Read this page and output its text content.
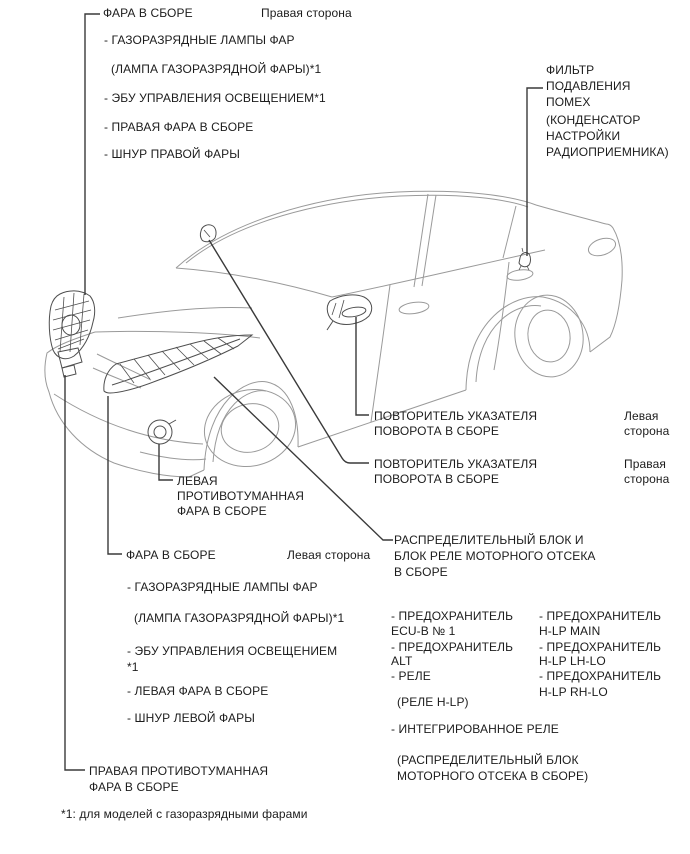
ФАРА В СБОРЕ	Правая сторона
- ГАЗОРАЗРЯДНЫЕ ЛАМПЫ ФАР
(ЛАМПА ГАЗОРАЗРЯДНОЙ ФАРЫ)*1
- ЭБУ УПРАВЛЕНИЯ ОСВЕЩЕНИЕМ*1
- ПРАВАЯ ФАРА В СБОРЕ
- ШНУР ПРАВОЙ ФАРЫ
ФИЛЬТР
ПОДАВЛЕНИЯ
ПОМЕХ
(КОНДЕНСАТОР
НАСТРОЙКИ
РАДИОПРИЕМНИКА)
ПОВТОРИТЕЛЬ УКАЗАТЕЛЯ
ПОВОРОТА В СБОРЕ
Левая
сторона
ПОВТОРИТЕЛЬ УКАЗАТЕЛЯ
ПОВОРОТА В СБОРЕ
Правая
сторона
ЛЕВАЯ
ПРОТИВОТУМАННАЯ
ФАРА В СБОРЕ
ФАРА В СБОРЕ	Левая сторона
- ГАЗОРАЗРЯДНЫЕ ЛАМПЫ ФАР
(ЛАМПА ГАЗОРАЗРЯДНОЙ ФАРЫ)*1
- ЭБУ УПРАВЛЕНИЯ ОСВЕЩЕНИЕМ
*1
- ЛЕВАЯ ФАРА В СБОРЕ
- ШНУР ЛЕВОЙ ФАРЫ
РАСПРЕДЕЛИТЕЛЬНЫЙ БЛОК И
БЛОК РЕЛЕ МОТОРНОГО ОТСЕКА
В СБОРЕ
- ПРЕДОХРАНИТЕЛЬ
ECU-B № 1
- ПРЕДОХРАНИТЕЛЬ
ALT
- РЕЛЕ
(РЕЛЕ H-LP)
- ПРЕДОХРАНИТЕЛЬ
H-LP MAIN
- ПРЕДОХРАНИТЕЛЬ
H-LP LH-LO
- ПРЕДОХРАНИТЕЛЬ
H-LP RH-LO
- ИНТЕГРИРОВАННОЕ РЕЛЕ
(РАСПРЕДЕЛИТЕЛЬНЫЙ БЛОК
МОТОРНОГО ОТСЕКА В СБОРЕ)
ПРАВАЯ ПРОТИВОТУМАННАЯ
ФАРА В СБОРЕ
*1: для моделей с газоразрядными фарами
